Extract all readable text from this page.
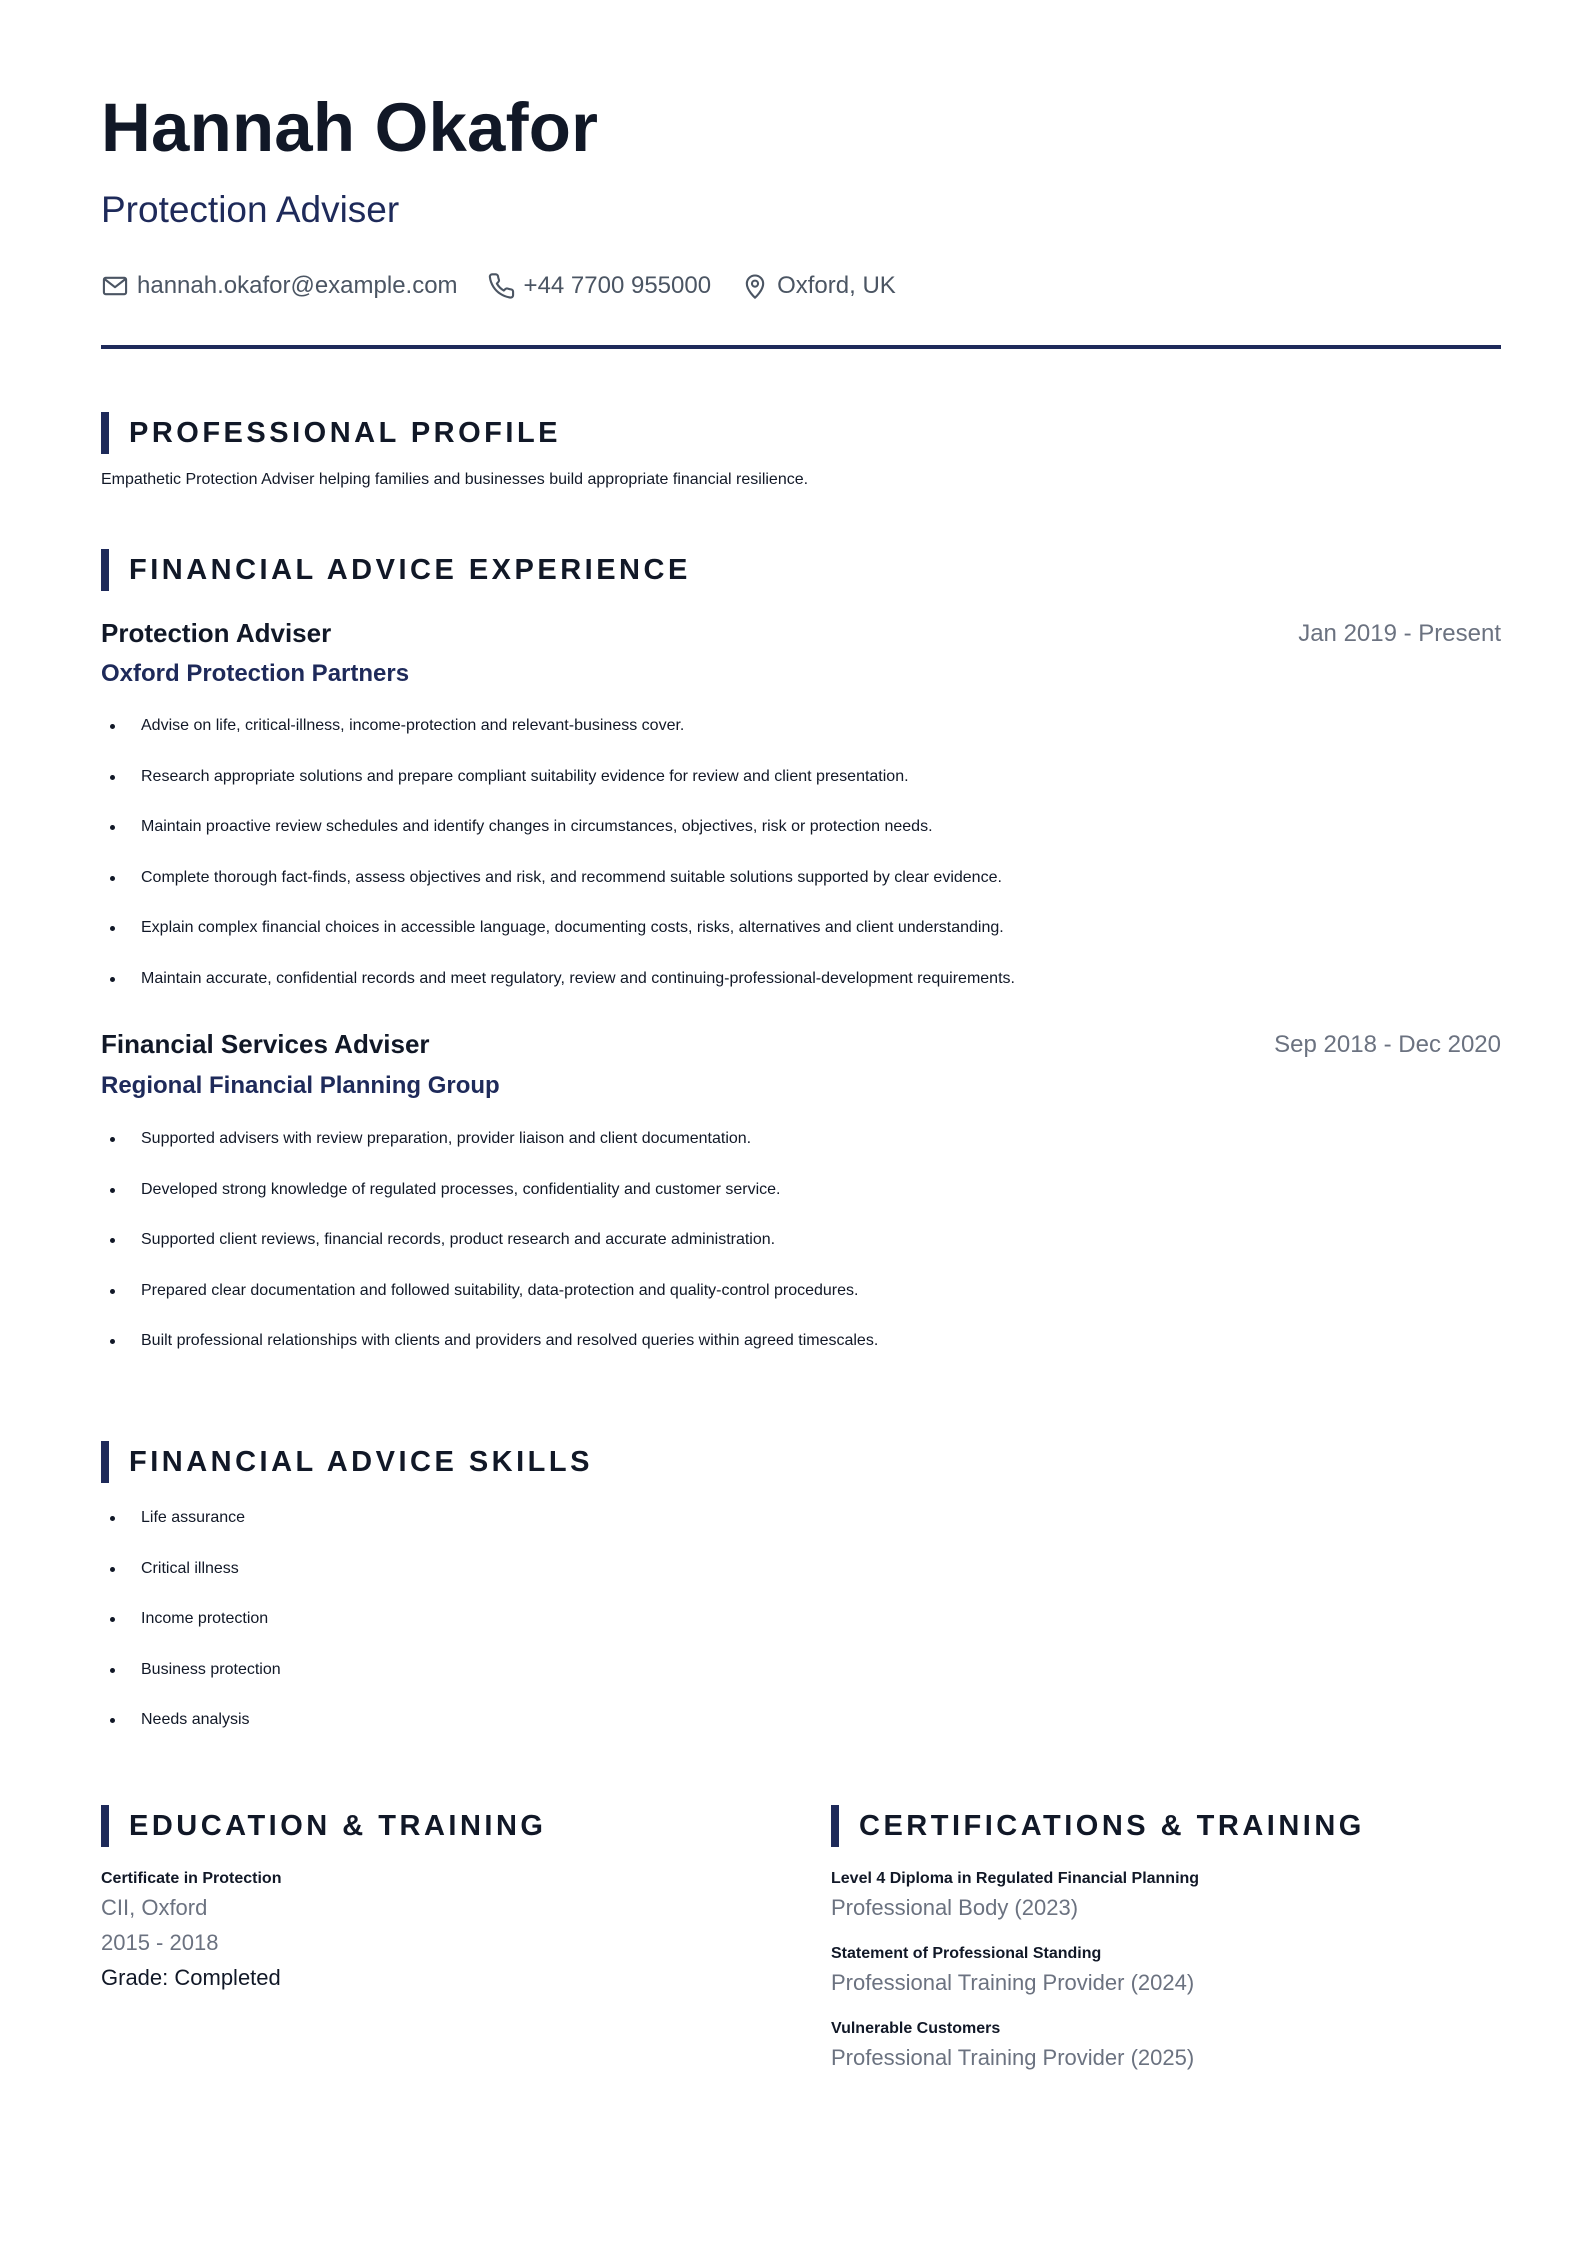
Hannah Okafor
Protection Adviser
hannah.okafor@example.com	+44 7700 955000	Oxford, UK
PROFESSIONAL PROFILE

Empathetic Protection Adviser helping families and businesses build appropriate financial resilience.

FINANCIAL ADVICE EXPERIENCE
Protection Adviser	Jan 2019 - Present
Oxford Protection Partners
Advise on life, critical-illness, income-protection and relevant-business cover.
Research appropriate solutions and prepare compliant suitability evidence for review and client presentation.
Maintain proactive review schedules and identify changes in circumstances, objectives, risk or protection needs.
Complete thorough fact-finds, assess objectives and risk, and recommend suitable solutions supported by clear evidence.
Explain complex financial choices in accessible language, documenting costs, risks, alternatives and client understanding.
Maintain accurate, confidential records and meet regulatory, review and continuing-professional-development requirements.
Financial Services Adviser	Sep 2018 - Dec 2020
Regional Financial Planning Group
Supported advisers with review preparation, provider liaison and client documentation.
Developed strong knowledge of regulated processes, confidentiality and customer service.
Supported client reviews, financial records, product research and accurate administration.
Prepared clear documentation and followed suitability, data-protection and quality-control procedures.
Built professional relationships with clients and providers and resolved queries within agreed timescales.
FINANCIAL ADVICE SKILLS
Life assurance
Critical illness
Income protection
Business protection
Needs analysis
EDUCATION & TRAINING
Certificate in Protection
CII, Oxford
2015 - 2018
Grade: Completed
CERTIFICATIONS & TRAINING
Level 4 Diploma in Regulated Financial Planning
Professional Body (2023)
Statement of Professional Standing
Professional Training Provider (2024)
Vulnerable Customers
Professional Training Provider (2025)
